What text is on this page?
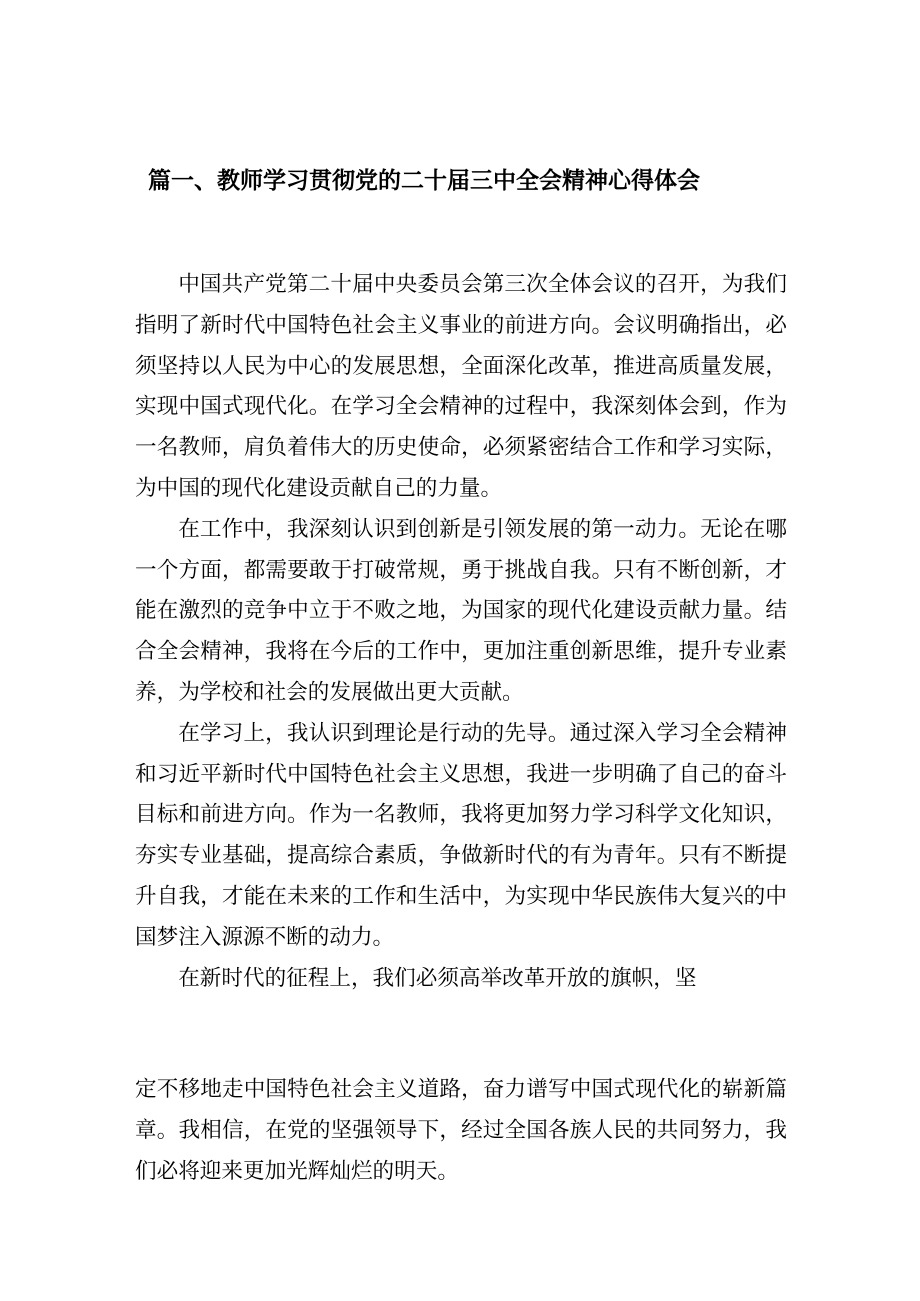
篇一、教师学习贯彻党的二十届三中全会精神心得体会

中国共产党第二十届中央委员会第三次全体会议的召开，为我们指明了新时代中国特色社会主义事业的前进方向。会议明确指出，必须坚持以人民为中心的发展思想，全面深化改革，推进高质量发展，实现中国式现代化。在学习全会精神的过程中，我深刻体会到，作为一名教师，肩负着伟大的历史使命，必须紧密结合工作和学习实际，为中国的现代化建设贡献自己的力量。

在工作中，我深刻认识到创新是引领发展的第一动力。无论在哪一个方面，都需要敢于打破常规，勇于挑战自我。只有不断创新，才能在激烈的竞争中立于不败之地，为国家的现代化建设贡献力量。结合全会精神，我将在今后的工作中，更加注重创新思维，提升专业素养，为学校和社会的发展做出更大贡献。

在学习上，我认识到理论是行动的先导。通过深入学习全会精神和习近平新时代中国特色社会主义思想，我进一步明确了自己的奋斗目标和前进方向。作为一名教师，我将更加努力学习科学文化知识，夯实专业基础，提高综合素质，争做新时代的有为青年。只有不断提升自我，才能在未来的工作和生活中，为实现中华民族伟大复兴的中国梦注入源源不断的动力。

在新时代的征程上，我们必须高举改革开放的旗帜，坚

定不移地走中国特色社会主义道路，奋力谱写中国式现代化的崭新篇章。我相信，在党的坚强领导下，经过全国各族人民的共同努力，我们必将迎来更加光辉灿烂的明天。
